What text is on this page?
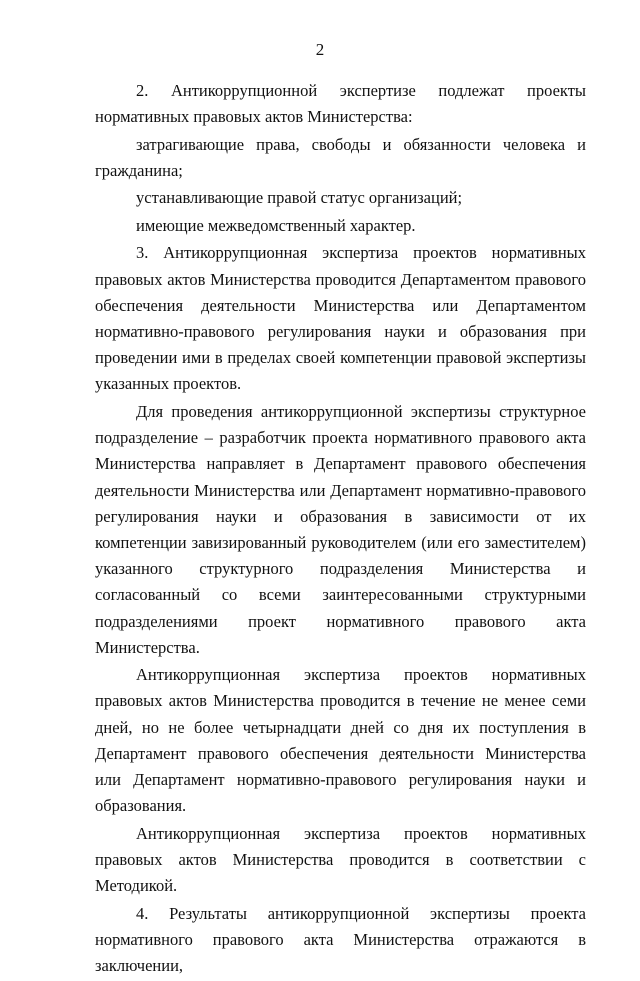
2

2. Антикоррупционной экспертизе подлежат проекты нормативных правовых актов Министерства:

затрагивающие права, свободы и обязанности человека и гражданина;

устанавливающие правой статус организаций;

имеющие межведомственный характер.

3. Антикоррупционная экспертиза проектов нормативных правовых актов Министерства проводится Департаментом правового обеспечения деятельности Министерства или Департаментом нормативно-правового регулирования науки и образования при проведении ими в пределах своей компетенции правовой экспертизы указанных проектов.

Для проведения антикоррупционной экспертизы структурное подразделение – разработчик проекта нормативного правового акта Министерства направляет в Департамент правового обеспечения деятельности Министерства или Департамент нормативно-правового регулирования науки и образования в зависимости от их компетенции завизированный руководителем (или его заместителем) указанного структурного подразделения Министерства и согласованный со всеми заинтересованными структурными подразделениями проект нормативного правового акта Министерства.

Антикоррупционная экспертиза проектов нормативных правовых актов Министерства проводится в течение не менее семи дней, но не более четырнадцати дней со дня их поступления в Департамент правового обеспечения деятельности Министерства или Департамент нормативно-правового регулирования науки и образования.

Антикоррупционная экспертиза проектов нормативных правовых актов Министерства проводится в соответствии с Методикой.

4. Результаты антикоррупционной экспертизы проекта нормативного правового акта Министерства отражаются в заключении,
